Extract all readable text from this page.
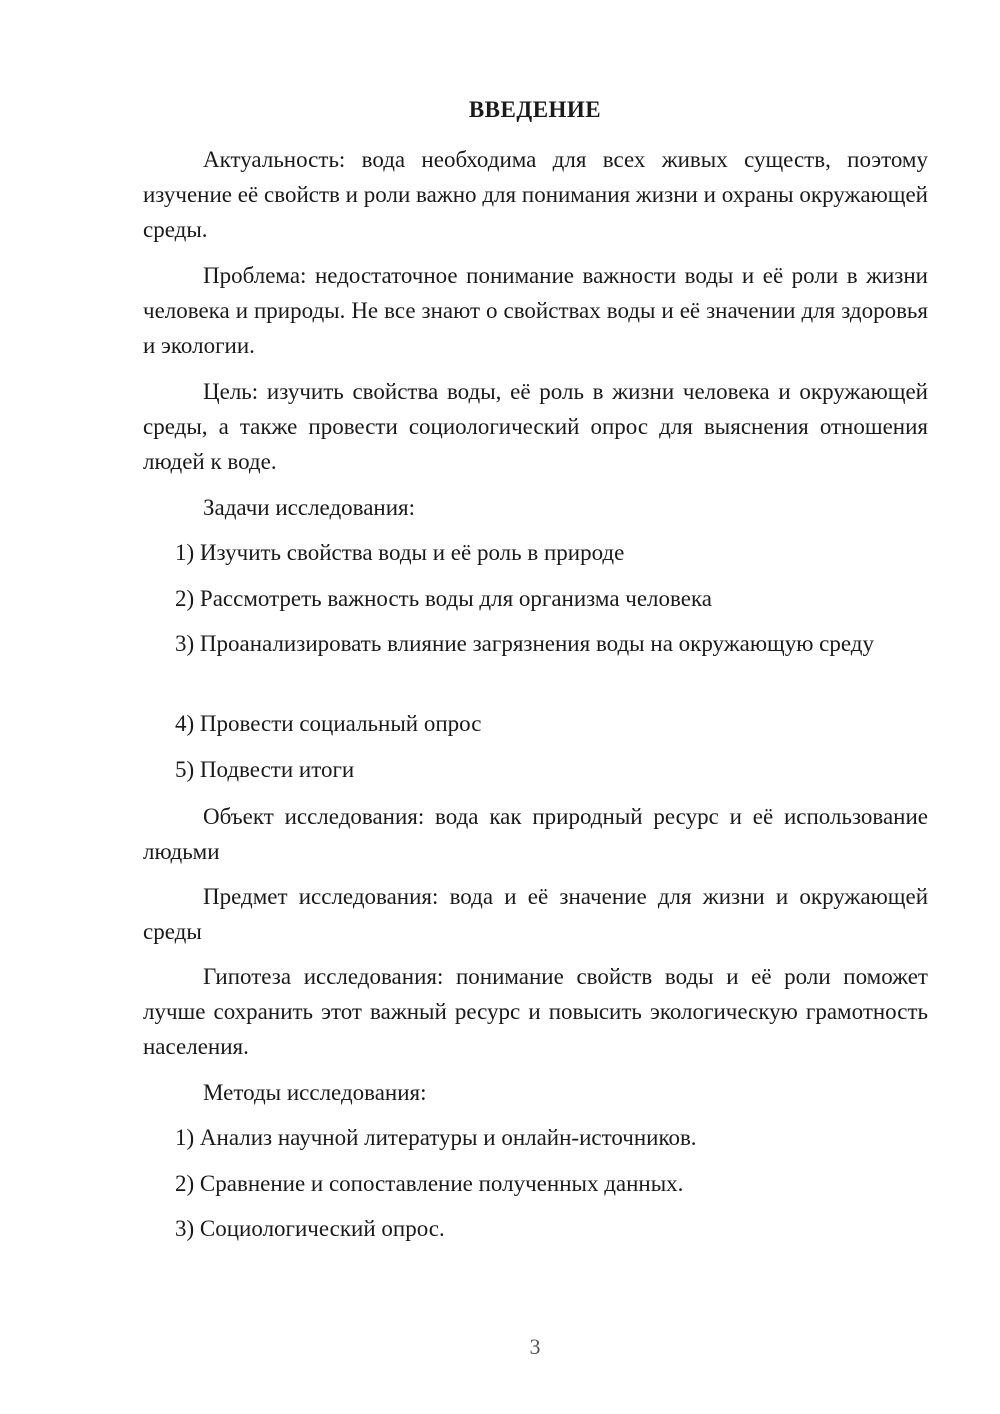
ВВЕДЕНИЕ

Актуальность: вода необходима для всех живых существ, поэтому изучение её свойств и роли важно для понимания жизни и охраны окружающей среды.

Проблема: недостаточное понимание важности воды и её роли в жизни человека и природы. Не все знают о свойствах воды и её значении для здоровья и экологии.

Цель: изучить свойства воды, её роль в жизни человека и окружающей среды, а также провести социологический опрос для выяснения отношения людей к воде.

Задачи исследования:

1) Изучить свойства воды и её роль в природе

2) Рассмотреть важность воды для организма человека

3) Проанализировать влияние загрязнения воды на окружающую среду

4) Провести социальный опрос

5) Подвести итоги

Объект исследования: вода как природный ресурс и её использование людьми

Предмет исследования: вода и её значение для жизни и окружающей среды

Гипотеза исследования: понимание свойств воды и её роли поможет лучше сохранить этот важный ресурс и повысить экологическую грамотность населения.

Методы исследования:

1) Анализ научной литературы и онлайн-источников.

2) Сравнение и сопоставление полученных данных.

3) Социологический опрос.

3
